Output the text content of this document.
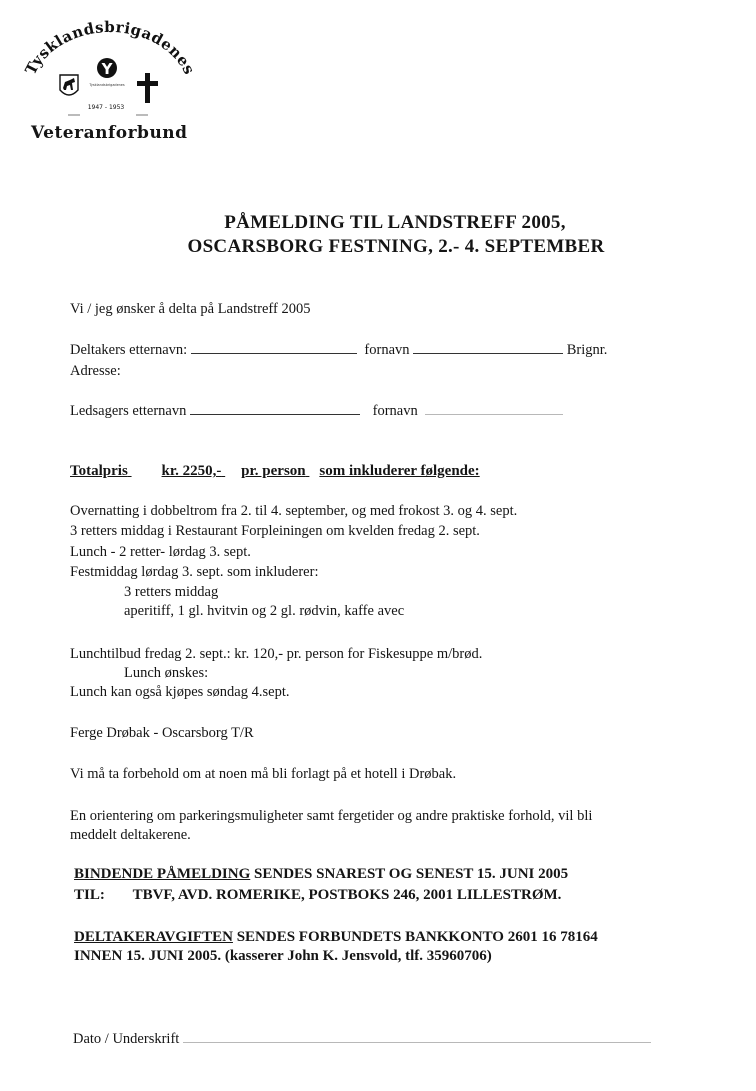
Tysklandsbrigadenes
Y
Tysklandsbrigadenes
1947 - 1953
Veteranforbund
PÅMELDING TIL LANDSTREFF 2005,
OSCARSBORG FESTNING, 2.- 4. SEPTEMBER
Vi / jeg ønsker å delta på Landstreff 2005
Deltakers etternavn:	fornavn	Brignr.
Adresse:
Ledsagers etternavn	fornavn
Totalpris kr. 2250,- pr. person som inkluderer følgende:
Overnatting i dobbeltrom fra 2. til 4. september, og med frokost 3. og 4. sept.
3 retters middag i Restaurant Forpleiningen om kvelden fredag 2. sept.
Lunch - 2 retter- lørdag 3. sept.
Festmiddag lørdag 3. sept. som inkluderer:
3 retters middag
aperitiff, 1 gl. hvitvin og 2 gl. rødvin, kaffe avec
Lunchtilbud fredag 2. sept.: kr. 120,- pr. person for Fiskesuppe m/brød.
Lunch ønskes:
Lunch kan også kjøpes søndag 4.sept.
Ferge Drøbak - Oscarsborg T/R
Vi må ta forbehold om at noen må bli forlagt på et hotell i Drøbak.
En orientering om parkeringsmuligheter samt fergetider og andre praktiske forhold, vil bli
meddelt deltakerene.
BINDENDE PÅMELDING SENDES SNAREST OG SENEST 15. JUNI 2005
TIL: TBVF, AVD. ROMERIKE, POSTBOKS 246, 2001 LILLESTRØM.
DELTAKERAVGIFTEN SENDES FORBUNDETS BANKKONTO 2601 16 78164
INNEN 15. JUNI 2005. (kasserer John K. Jensvold, tlf. 35960706)
Dato / Underskrift
